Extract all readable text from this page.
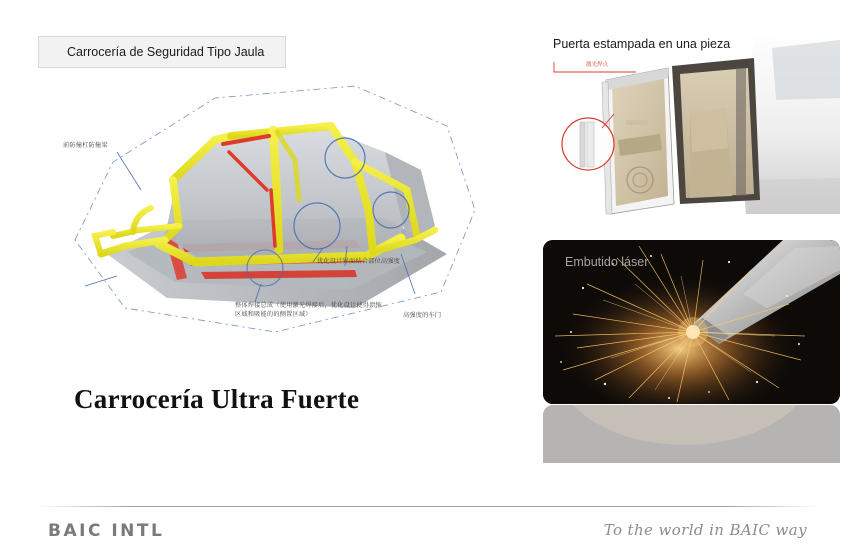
Carrocería de Seguridad Tipo Jaula
前防撞杠防撞梁
优化设计界面结合部位高强度
整体焊接总成（使用激光焊接后，优化设计使得溃缩区域和吸能的的侧置区域）	高强度的车门
Carrocería Ultra Fuerte
激光焊点
Puerta estampada en una pieza
Embutido láser
BAIC INTL	To the world in BAIC way
